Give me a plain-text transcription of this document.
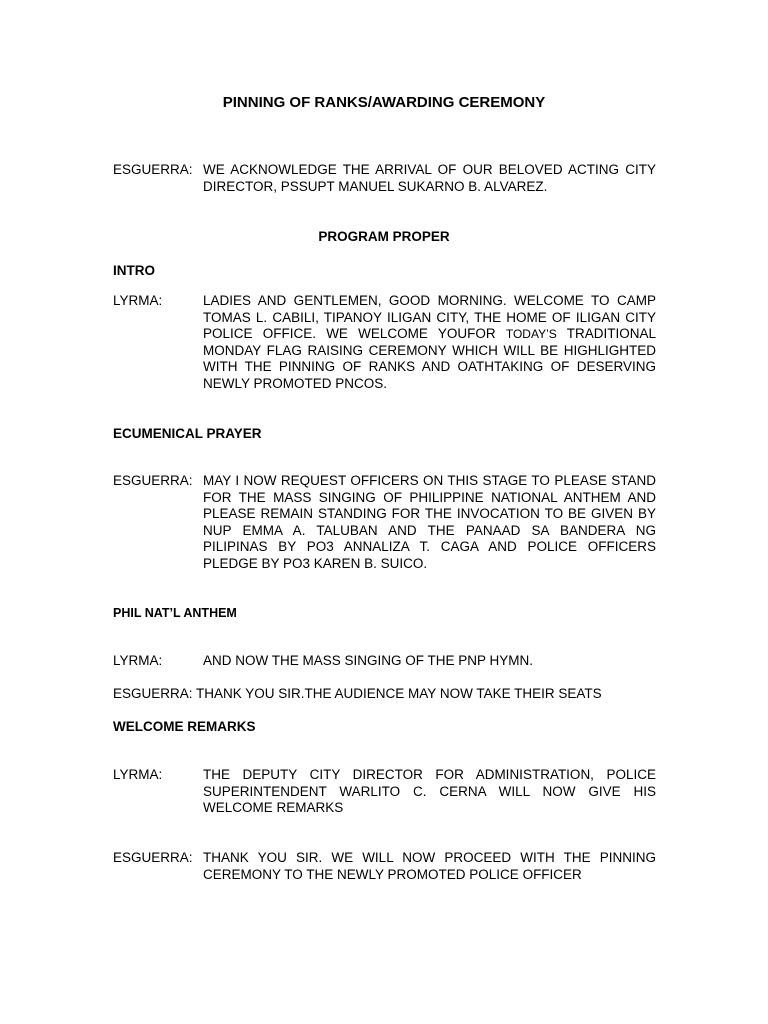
PINNING OF RANKS/AWARDING CEREMONY
ESGUERRA: WE ACKNOWLEDGE THE ARRIVAL OF OUR BELOVED ACTING CITY DIRECTOR, PSSUPT MANUEL SUKARNO B. ALVAREZ.
PROGRAM PROPER
INTRO
LYRMA:	LADIES AND GENTLEMEN, GOOD MORNING. WELCOME TO CAMP TOMAS L. CABILI, TIPANOY ILIGAN CITY, THE HOME OF ILIGAN CITY POLICE OFFICE. WE WELCOME YOUFOR TODAY’S TRADITIONAL MONDAY FLAG RAISING CEREMONY WHICH WILL BE HIGHLIGHTED WITH THE PINNING OF RANKS AND OATHTAKING OF DESERVING NEWLY PROMOTED PNCOS.
ECUMENICAL PRAYER
ESGUERRA: MAY I NOW REQUEST OFFICERS ON THIS STAGE TO PLEASE STAND FOR THE MASS SINGING OF PHILIPPINE NATIONAL ANTHEM AND PLEASE REMAIN STANDING FOR THE INVOCATION TO BE GIVEN BY NUP EMMA A. TALUBAN AND THE PANAAD SA BANDERA NG PILIPINAS BY PO3 ANNALIZA T. CAGA AND POLICE OFFICERS PLEDGE BY PO3 KAREN B. SUICO.
PHIL NAT’L ANTHEM
LYRMA:	AND NOW THE MASS SINGING OF THE PNP HYMN.
ESGUERRA: THANK YOU SIR.THE AUDIENCE MAY NOW TAKE THEIR SEATS
WELCOME REMARKS
LYRMA:	THE DEPUTY CITY DIRECTOR FOR ADMINISTRATION, POLICE SUPERINTENDENT WARLITO C. CERNA WILL NOW GIVE HIS WELCOME REMARKS
ESGUERRA: THANK YOU SIR. WE WILL NOW PROCEED WITH THE PINNING CEREMONY TO THE NEWLY PROMOTED POLICE OFFICER
